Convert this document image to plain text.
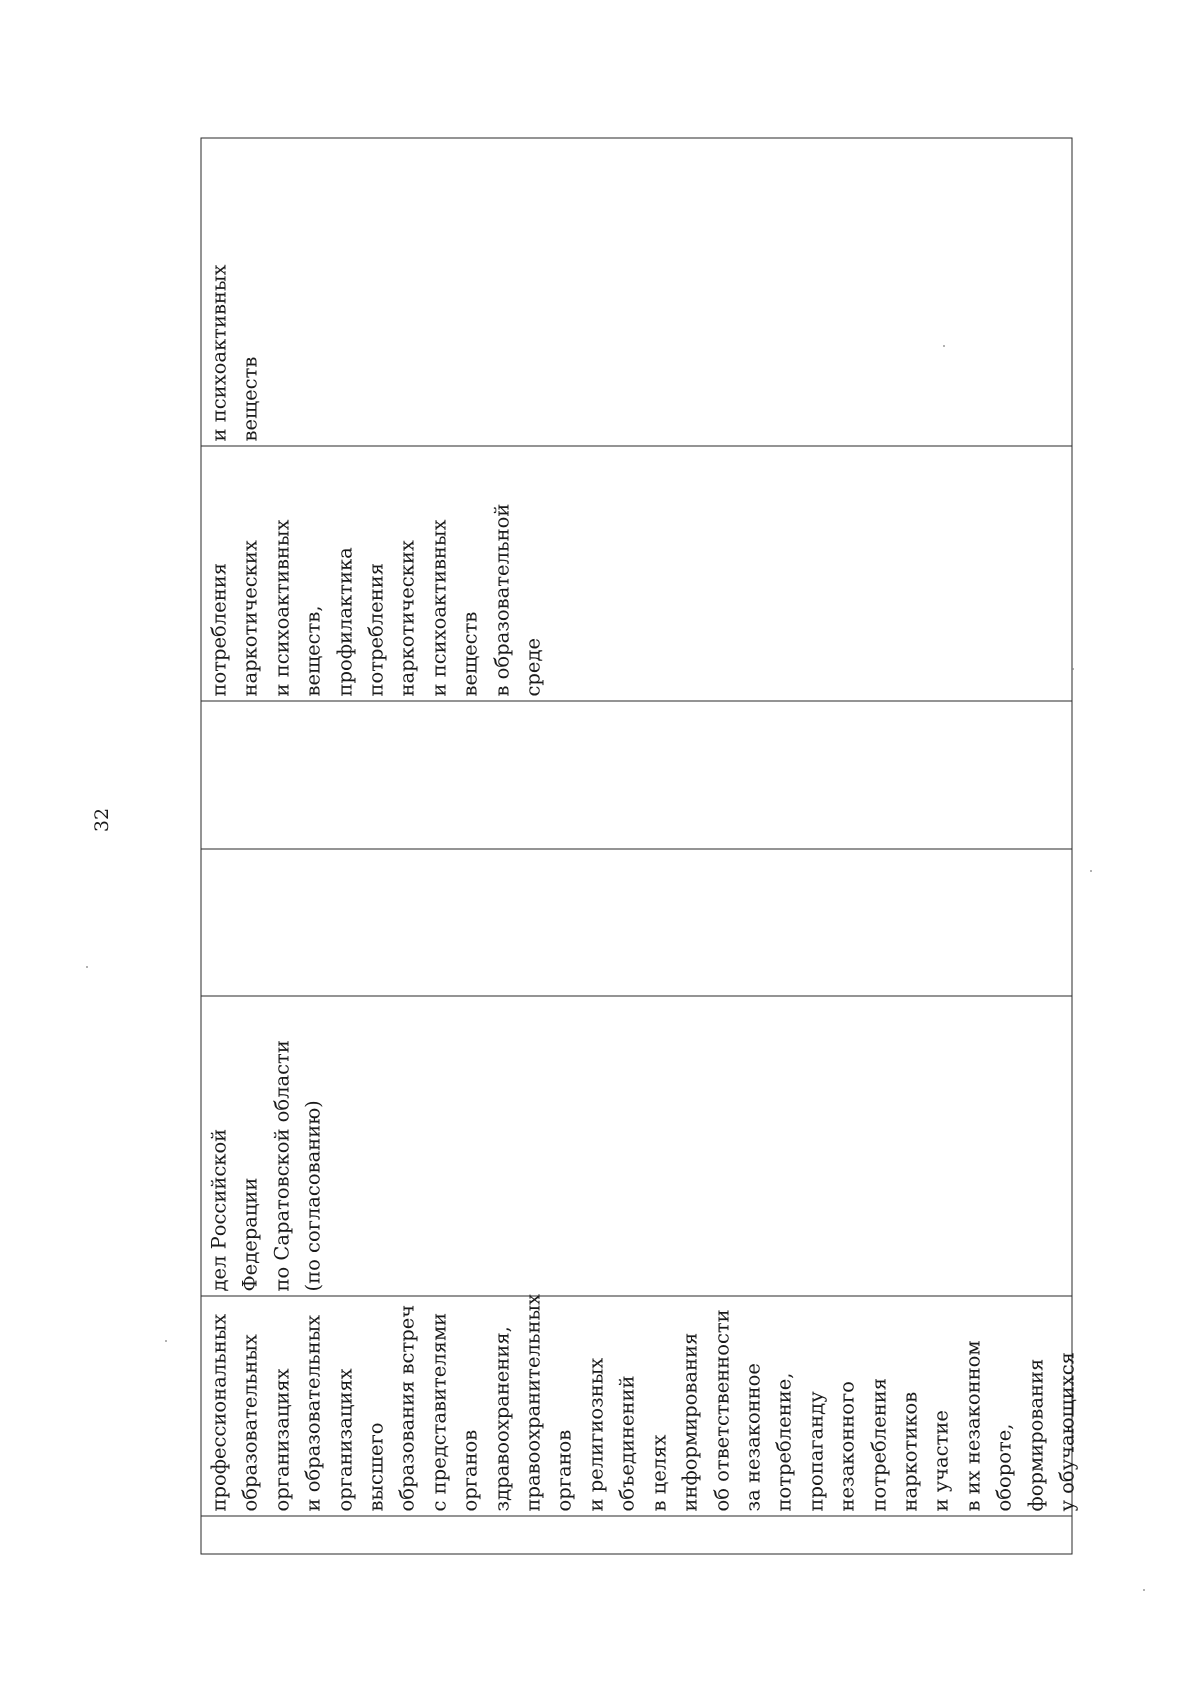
32
профессиональных образовательных организациях и образовательных организациях высшего образования встреч с представителями органов здравоохранения, правоохранительных органов и религиозных объединений в целях информирования об ответственности за незаконное потребление, пропаганду незаконного потребления наркотиков и участие в их незаконном обороте, формирования у обучающихся
дел Российской Федерации по Саратовской области (по согласованию)
потребления наркотических и психоактивных веществ, профилактика потребления наркотических и психоактивных веществ в образовательной среде
и психоактивных веществ
